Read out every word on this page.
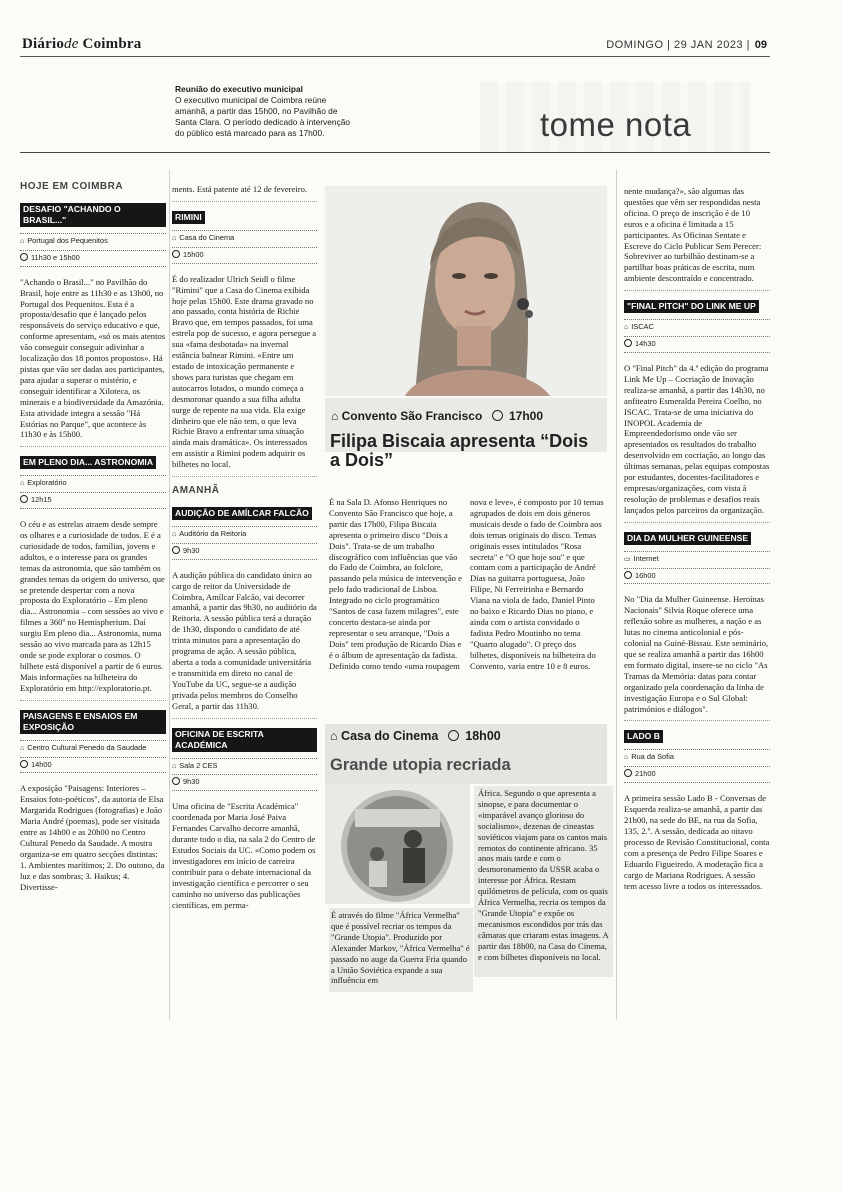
Diáriode Coimbra	DOMINGO | 29 JAN 2023 | 09
Reunião do executivo municipal
O executivo municipal de Coimbra reúne amanhã, a partir das 15h00, no Pavilhão de Santa Clara. O período dedicado à intervenção do público está marcado para as 17h00.	tome nota
HOJE EM COIMBRA
DESAFIO "ACHANDO O BRASIL..."
⌂ Portugal dos Pequenitos
11h30 e 15h00

"Achando o Brasil..." no Pavilhão do Brasil, hoje entre as 11h30 e as 13h00, no Portugal dos Pequenitos. Esta é a proposta/desafio que é lançado pelos responsáveis do serviço educativo e que, conforme apresentam, «só os mais atentos vão conseguir conseguir adivinhar a localização dos 18 pontos propostos». Há pistas que vão ser dadas aos participantes, para ajudar a superar o mistério, e conseguir identificar a Xiloteca, os minerais e a biodiversidade da Amazónia. Esta atividade integra a sessão "Há Estórias no Parque", que acontece às 11h30 e às 15h00.

EM PLENO DIA... ASTRONOMIA
⌂ Exploratório
12h15

O céu e as estrelas atraem desde sempre os olhares e a curiosidade de todos. E é a curiosidade de todos, famílias, jovens e adultos, e o interesse para os grandes temas da astronomia, que são também os grandes temas da origem do universo, que se pretende despertar com a nova proposta do Exploratório – Em pleno dia... Astronomia – com sessões ao vivo e filmes a 360º no Hemispherium. Daí surgiu Em pleno dia... Astronomia, numa sessão ao vivo marcada para as 12h15 onde se pode explorar o cosmos. O bilhete está disponível a partir de 6 euros. Mais informações na bilheteira do Exploratório em http://exploratorio.pt.

PAISAGENS E ENSAIOS EM EXPOSIÇÃO
⌂ Centro Cultural Penedo da Saudade
14h00

A exposição "Paisagens: Interiores – Ensaios foto-poéticos", da autoria de Elsa Margarida Rodrigues (fotografias) e João Maria André (poemas), pode ser visitada entre as 14h00 e as 20h00 no Centro Cultural Penedo da Saudade. A mostra organiza-se em quatro secções distintas: 1. Ambientes marítimos; 2. Do outono, da luz e das sombras; 3. Haikus; 4. Divertisse-

ments. Está patente até 12 de fevereiro.

RIMINI
⌂ Casa do Cinema
15h00

É do realizador Ulrich Seidl o filme "Rimini" que a Casa do Cinema exibida hoje pelas 15h00. Este drama gravado no ano passado, conta história de Richie Bravo que, em tempos passados, foi uma estrela pop de sucesso, e agora persegue a sua «fama desbotada» na invernal estância balnear Rimini. «Entre um estado de intoxicação permanente e shows para turistas que chegam em autocarros lotados, o mundo começa a desmoronar quando a sua filha adulta surge de repente na sua vida. Ela exige dinheiro que ele não tem, o que leva Richie Bravo a enfrentar uma situação ainda mais dramática». Os interessados em assistir a Rimini podem adquirir os bilhetes no local.

AMANHÃ
AUDIÇÃO DE AMÍLCAR FALCÃO
⌂ Auditório da Reitoria
9h30

A audição pública do candidato único ao cargo de reitor da Universidade de Coimbra, Amílcar Falcão, vai decorrer amanhã, a partir das 9h30, no auditório da Reitoria. A sessão pública terá a duração de 1h30, dispondo o candidato de até trinta minutos para a apresentação do programa de ação. A sessão pública, aberta a toda a comunidade universitária e transmitida em direto no canal de YouTube da UC, segue-se a audição privada pelos membros do Conselho Geral, a partir das 11h30.

OFICINA DE ESCRITA ACADÉMICA
⌂ Sala 2 CES
9h30

Uma oficina de "Escrita Académica" coordenada por Maria José Paiva Fernandes Carvalho decorre amanhã, durante todo o dia, na sala 2 do Centro de Estudos Sociais da UC. «Como podem os investigadores em início de carreira contribuir para o debate internacional da investigação científica e percorrer o seu caminho no universo das publicações científicas, em perma-

⌂ Convento São Francisco 17h00
Filipa Biscaia apresenta “Dois a Dois”

É na Sala D. Afonso Henriques no Convento São Francisco que hoje, a partir das 17h00, Filipa Biscaia apresenta o primeiro disco "Dois a Dois". Trata-se de um trabalho discográfico com influências que vão do Fado de Coimbra, ao folclore, passando pela música de intervenção e pelo fado tradicional de Lisboa. Integrado no ciclo programático "Santos de casa fazem milagres", este concerto destaca-se ainda por representar o seu arranque, "Dois a Dois" tem produção de Ricardo Dias e é o álbum de apresentação da fadista. Definido como tendo «uma roupagem

nova e leve», é composto por 10 temas agrupados de dois em dois géneros musicais desde o fado de Coimbra aos dois temas originais do disco. Temas originais esses intitulados "Rosa secreta" e "O que hoje sou" e que contam com a participação de André Dias na guitarra portuguesa, João Filipe, Ni Ferreirinha e Bernardo Viana na viola de fado, Daniel Pinto no baixo e Ricardo Dias no piano, e ainda com o artista convidado o fadista Pedro Moutinho no tema "Quarto alugado". O preço dos bilhetes, disponíveis na bilheteira do Convento, varia entre 10 e 8 euros.

⌂ Casa do Cinema 18h00
Grande utopia recriada

É através do filme "África Vermelha" que é possível recriar os tempos da "Grande Utopia". Produzido por Alexander Markov, "África Vermelha" é passado no auge da Guerra Fria quando a União Soviética expande a sua influência em

África. Segundo o que apresenta a sinopse, e para documentar o «imparável avanço glorioso do socialismo», dezenas de cineastas soviéticos viajam para os cantos mais remotos do continente africano. 35 anos mais tarde e com o desmoronamento da USSR acaba o interesse por África. Restam quilómetros de película, com os quais África Vermelha, recria os tempos da "Grande Utopia" e expõe os mecanismos escondidos por trás das câmaras que criaram estas imagens. A partir das 18h00, na Casa do Cinema, e com bilhetes disponíveis no local.

nente mudança?», são algumas das questões que vêm ser respondidas nesta oficina. O preço de inscrição é de 10 euros e a oficina é limitada a 15 participantes. As Oficinas Sentate e Escreve do Ciclo Publicar Sem Perecer: Sobreviver ao turbilhão destinam-se a partilhar boas práticas de escrita, num ambiente descontraído e concentrado.

"FINAL PITCH" DO LINK ME UP
⌂ ISCAC
14h30

O "Final Pitch" da 4.ª edição do programa Link Me Up – Cocriação de Inovação realiza-se amanhã, a partir das 14h30, no anfiteatro Esmeralda Pereira Coelho, no ISCAC. Trata-se de uma iniciativa do INOPOL Academia de Empreendedorismo onde vão ser apresentados os resultados do trabalho desenvolvido em cocriação, ao longo das últimas semanas, pelas equipas compostas por estudantes, docentes-facilitadores e empresas/organizações, com vista à resolução de problemas e desafios reais lançados pelos parceiros da organização.

DIA DA MULHER GUINEENSE
▭ Internet
16h00

No "Dia da Mulher Guineense. Heroínas Nacionais" Silvia Roque oferece uma reflexão sobre as mulheres, a nação e as lutas no cinema anticolonial e pós-colonial na Guiné-Bissau. Este seminário, que se realiza amanhã a partir das 16h00 em formato digital, insere-se no ciclo "As Tramas da Memória: datas para contar organizado pela coordenação da linha de investigação Europa e o Sul Global: patrimónios e diálogos".

LADO B
⌂ Rua da Sofia
21h00

A primeira sessão Lado B - Conversas de Esquerda realiza-se amanhã, a partir das 21h00, na sede do BE, na rua da Sofia, 135, 2.º. A sessão, dedicada ao oitavo processo de Revisão Constitucional, conta com a presença de Pedro Filipe Soares e Eduardo Figueiredo. A moderação fica a cargo de Mariana Rodrigues. A sessão tem acesso livre a todos os interessados.
